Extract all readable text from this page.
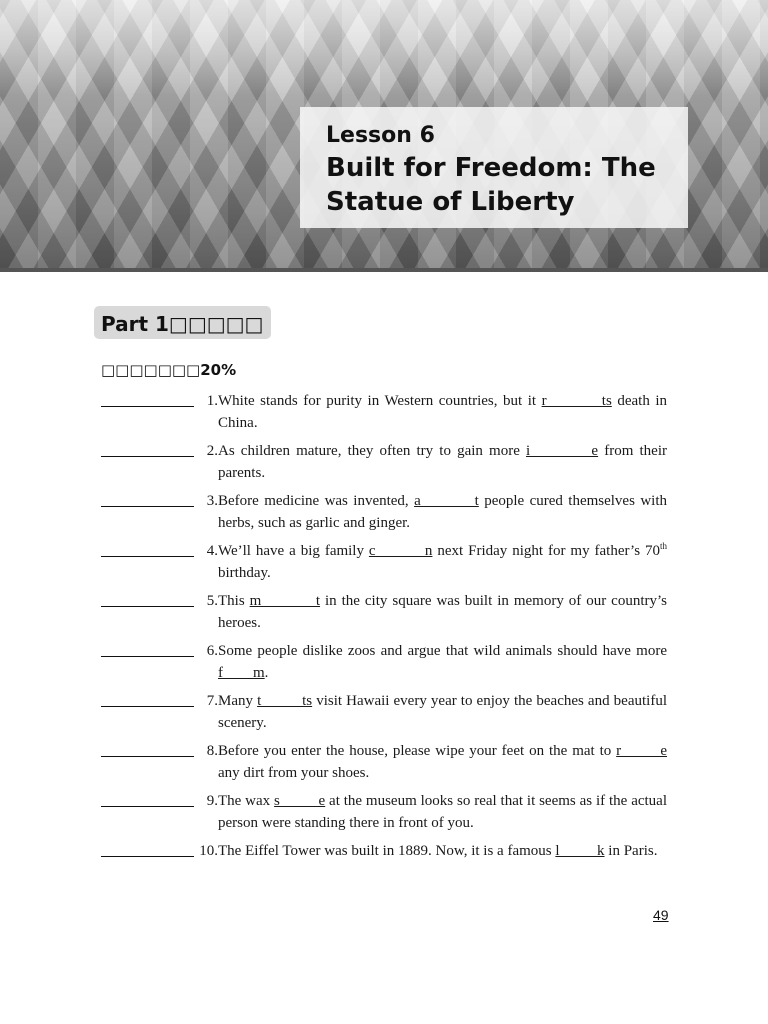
Lesson 6
Built for Freedom: The Statue of Liberty
Part 1□□□□□
□□□□□□□20%
1. White stands for purity in Western countries, but it r          ts death in China.
2. As children mature, they often try to gain more i          e from their parents.
3. Before medicine was invented, a          t people cured themselves with herbs, such as garlic and ginger.
4. We’ll have a big family c          n next Friday night for my father’s 70th birthday.
5. This m           t in the city square was built in memory of our country’s heroes.
6. Some people dislike zoos and argue that wild animals should have more f        m.
7. Many t          ts visit Hawaii every year to enjoy the beaches and beautiful scenery.
8. Before you enter the house, please wipe your feet on the mat to r        e any dirt from your shoes.
9. The wax s          e at the museum looks so real that it seems as if the actual person were standing there in front of you.
10. The Eiffel Tower was built in 1889. Now, it is a famous l          k in Paris.
49
